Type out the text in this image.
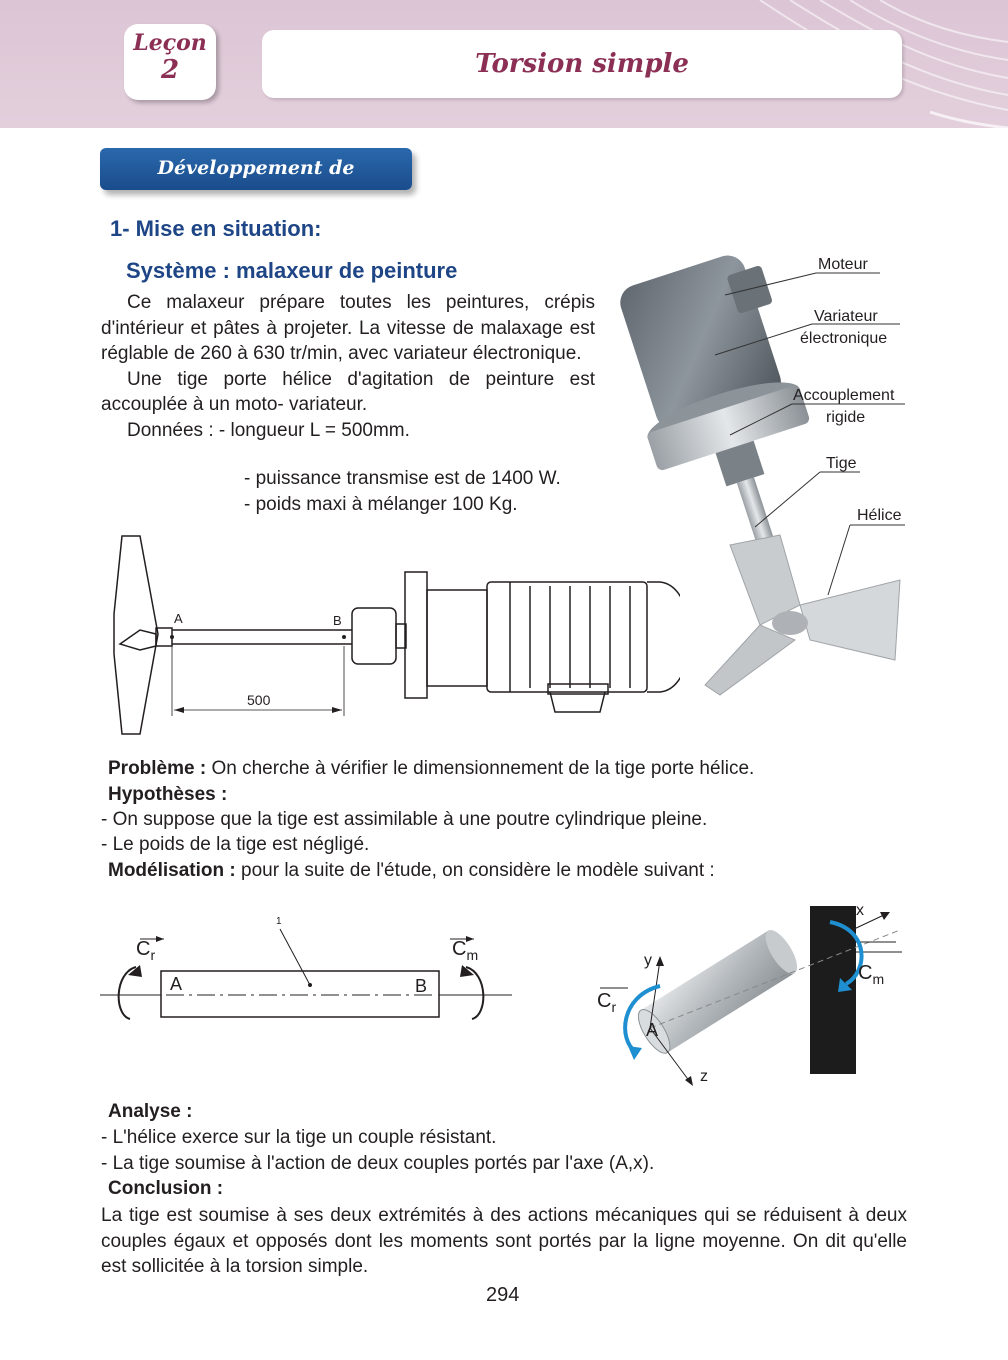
Leçon
2	Torsion simple
Développement de connaissances
1- Mise en situation:
Système : malaxeur de peinture

Ce malaxeur prépare toutes les peintures, crépis d'intérieur et pâtes à projeter. La vitesse de malaxage est réglable de 260 à 630 tr/min, avec variateur électronique.

Une tige porte hélice d'agitation de peinture est accouplée à un moto- variateur.

Données : - longueur L = 500mm.

- puissance transmise est de 1400 W.
- poids maxi à mélanger 100 Kg.
Moteur
Variateur
électronique
Accouplement
rigide
Tige
Hélice
A	B
500
Problème : On cherche à vérifier le dimensionnement de la tige porte hélice.
Hypothèses :
- On suppose que la tige est assimilable à une poutre cylindrique pleine.
- Le poids de la tige est négligé.
Modélisation : pour la suite de l'étude, on considère le modèle suivant :
$C_r$	$C_m$
A	B
1
$C_r$
$C_m$
A
y
z
x
Analyse :
- L'hélice exerce sur la tige un couple résistant.
- La tige soumise à l'action de deux couples portés par l'axe (A,x).
Conclusion :
La tige est soumise à ses deux extrémités à des actions mécaniques qui se réduisent à deux couples égaux et opposés dont les moments sont portés par la ligne moyenne. On dit qu'elle est sollicitée à la torsion simple.
294
